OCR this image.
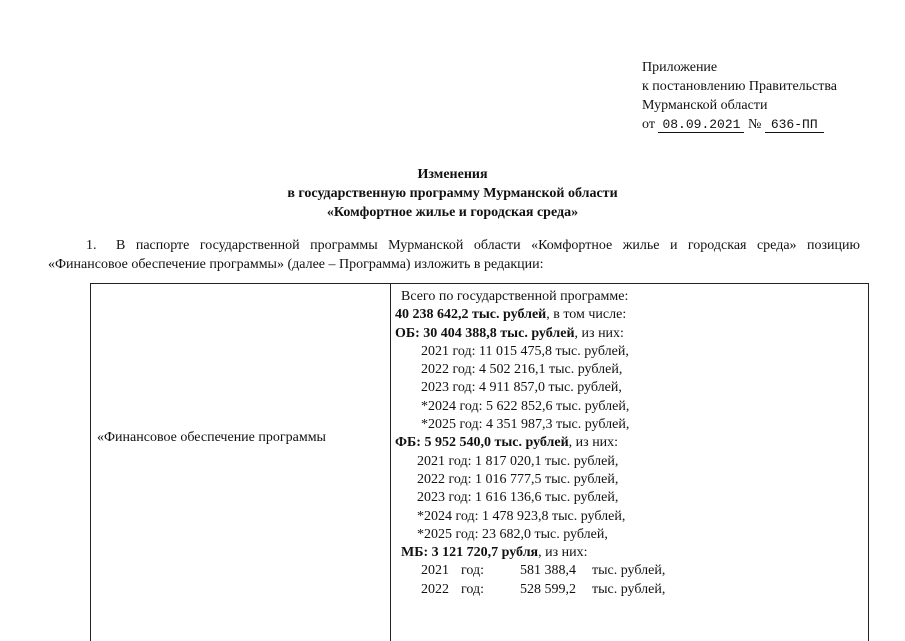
Приложение
к постановлению Правительства
Мурманской области
от 08.09.2021 № 636-ПП
Изменения
в государственную программу Мурманской области
«Комфортное жилье и городская среда»
1. В паспорте государственной программы Мурманской области «Комфортное жилье и городская среда» позицию
«Финансовое обеспечение программы» (далее – Программа) изложить в редакции:
«Финансовое обеспечение программы
Всего по государственной программе:
40 238 642,2 тыс. рублей, в том числе:
ОБ: 30 404 388,8 тыс. рублей, из них:
2021 год: 11 015 475,8 тыс. рублей,
2022 год: 4 502 216,1 тыс. рублей,
2023 год: 4 911 857,0 тыс. рублей,
*2024 год: 5 622 852,6 тыс. рублей,
*2025 год: 4 351 987,3 тыс. рублей,
ФБ: 5 952 540,0 тыс. рублей, из них:
2021 год: 1 817 020,1 тыс. рублей,
2022 год: 1 016 777,5 тыс. рублей,
2023 год: 1 616 136,6 тыс. рублей,
*2024 год: 1 478 923,8 тыс. рублей,
*2025 год: 23 682,0 тыс. рублей,
МБ: 3 121 720,7 рубля, из них:
2021 год:	581 388,4 тыс. рублей,
2022 год:	528 599,2 тыс. рублей,
